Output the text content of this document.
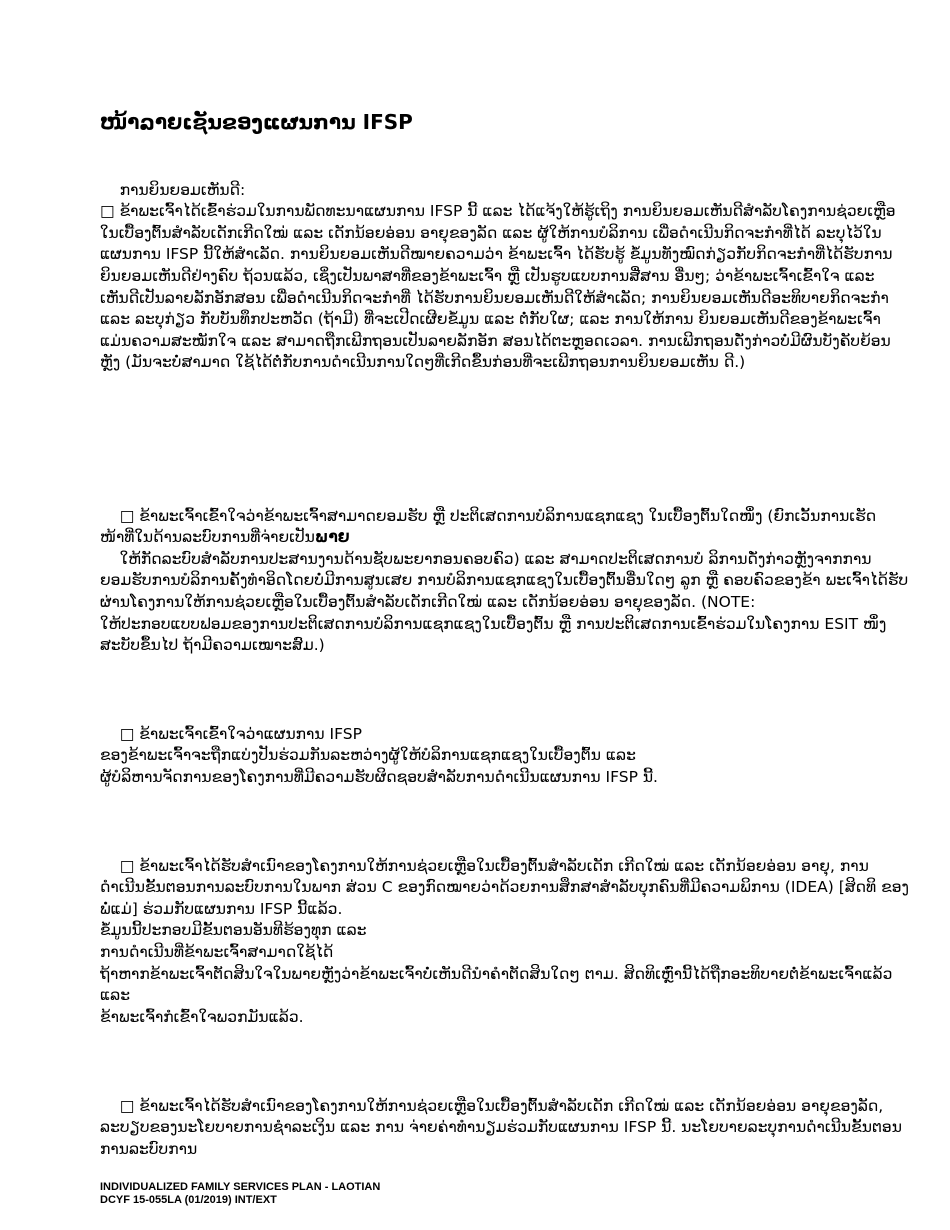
ໜ້າລາຍເຊັນຂອງແຜນການ IFSP

ການຍິນຍອມເຫັນດີ:
□ ຂ້າພະເຈົ້າໄດ້ເຂົ້າຮ່ວມໃນການພັດທະນາແຜນການ IFSP ນີ້ ແລະ ໄດ້ແຈ້ງໃຫ້ຮູ້ເຖິງ ການຍິນຍອມເຫັນດີສຳລັບໂຄງການຊ່ວຍເຫຼືອໃນເບື້ອງຕົ້ນສຳລັບເດັກເກີດໃໝ່ ແລະ ເດັກນ້ອຍອ່ອນ ອາຍຸຂອງລັດ ແລະ ຜູ້ໃຫ້ການບໍລິການ ເພື່ອດຳເນີນກິດຈະກຳທີ່ໄດ້ ລະບຸໄວ້ໃນແຜນການ IFSP ນີ້ໃຫ້ສຳເລັດ. ການຍິນຍອມເຫັນດີໝາຍຄວາມວ່າ ຂ້າພະເຈົ້າ ໄດ້ຮັບຮູ້ ຂໍ້ມູນທັງໝົດກ່ຽວກັບກິດຈະກຳທີ່ໄດ້ຮັບການຍິນຍອມເຫັນດີຢ່າງຄົບ ຖ້ວນແລ້ວ, ເຊິ່ງເປັນພາສາທີ່ຂອງຂ້າພະເຈົ້າ ຫຼື ເປັນຮູບແບບການສື່ສານ ອື່ນໆ; ວ່າຂ້າພະເຈົ້າເຂົ້າໃຈ ແລະ ເຫັນດີເປັນລາຍລັກອັກສອນ ເພື່ອດຳເນີນກິດຈະກຳທີ່ ໄດ້ຮັບການຍິນຍອມເຫັນດີໃຫ້ສຳເລັດ; ການຍິນຍອມເຫັນດີອະທິບາຍກິດຈະກຳ ແລະ ລະບຸກ່ຽວ ກັບບັນທຶກປະຫວັດ (ຖ້າມີ) ທີ່ຈະເປີດເຜີຍຂໍ້ມູນ ແລະ ຕໍ່ກັບໃຜ; ແລະ ການໃຫ້ການ ຍິນຍອມເຫັນດີຂອງຂ້າພະເຈົ້າແມ່ນຄວາມສະໝັກໃຈ ແລະ ສາມາດຖືກເພີກຖອນເປັນລາຍລັກອັກ ສອນໄດ້ຕະຫຼອດເວລາ. ການເພີກຖອນດັ່ງກ່າວບໍ່ມີຜົນບັງຄັບຍ້ອນຫຼັງ (ມັນຈະບໍ່ສາມາດ ໃຊ້ໄດ້ຕໍ່ກັບການດຳເນີນການໃດໆທີ່ເກີດຂຶ້ນກ່ອນທີ່ຈະເພີກຖອນການຍິນຍອມເຫັນ ດີ.)

□ ຂ້າພະເຈົ້າເຂົ້າໃຈວ່າຂ້າພະເຈົ້າສາມາດຍອມຮັບ ຫຼື ປະຕິເສດການບໍລິການແຊກແຊງ ໃນເບື້ອງຕົ້ນໃດໜຶ່ງ (ຍົກເວັ້ນການເຮັດໜ້າທີ່ໃນດ້ານລະບົບການທີ່ຈ່າຍເປັນພາຍ
ໃຫ້ກັດລະບົບສຳລັບການປະສານງານດ້ານຊັບພະຍາກອນຄອບຄົວ) ແລະ ສາມາດປະຕິເສດການບໍ ລິການດັ່ງກ່າວຫຼັງຈາກການຍອມຮັບການບໍລິການຄັ້ງທຳອິດໂດຍບໍ່ມີການສູນເສຍ ການບໍລິການແຊກແຊງໃນເບື້ອງຕົ້ນອື່ນໃດໆ ລູກ ຫຼື ຄອບຄົວຂອງຂ້າ ພະເຈົ້າໄດ້ຮັບຜ່ານໂຄງການໃຫ້ການຊ່ວຍເຫຼືອໃນເບື້ອງຕົ້ນສຳລັບເດັກເກີດໃໝ່ ແລະ ເດັກນ້ອຍອ່ອນ ອາຍຸຂອງລັດ. (NOTE:
ໃຫ້ປະກອບແບບຟອມຂອງການປະຕິເສດການບໍລິການແຊກແຊງໃນເບື້ອງຕົ້ນ ຫຼື ການປະຕິເສດການເຂົ້າຮ່ວມໃນໂຄງການ ESIT ໜຶ່ງສະບັບຂຶ້ນໄປ ຖ້າມີຄວາມເໝາະສົມ.)

□ ຂ້າພະເຈົ້າເຂົ້າໃຈວ່າແຜນການ IFSP
ຂອງຂ້າພະເຈົ້າຈະຖືກແບ່ງປັນຮ່ວມກັນລະຫວ່າງຜູ້ໃຫ້ບໍລິການແຊກແຊງໃນເບື້ອງຕົ້ນ ແລະ
ຜູ້ບໍລິຫານຈັດການຂອງໂຄງການທີ່ມີຄວາມຮັບຜິດຊອບສຳລັບການດຳເນີນແຜນການ IFSP ນີ້.

□ ຂ້າພະເຈົ້າໄດ້ຮັບສຳເນົາຂອງໂຄງການໃຫ້ການຊ່ວຍເຫຼືອໃນເບື້ອງຕົ້ນສຳລັບເດັກ ເກີດໃໝ່ ແລະ ເດັກນ້ອຍອ່ອນ ອາຍຸ, ການດຳເນີນຂັ້ນຕອນການລະບົບການໃນພາກ ສ່ວນ C ຂອງກົດໝາຍວ່າດ້ວຍການສຶກສາສຳລັບບຸກຄົນທີ່ມີຄວາມພິການ (IDEA) [ສິດທິ ຂອງພໍ່ແມ່] ຮ່ວມກັບແຜນການ IFSP ນີ້ແລ້ວ.
ຂໍ້ມູນນີ້ປະກອບມີຂັ້ນຕອນອັນທີຮ້ອງທຸກ ແລະ
ການດຳເນີນທີ່ຂ້າພະເຈົ້າສາມາດໃຊ້ໄດ້
ຖ້າຫາກຂ້າພະເຈົ້າຕັດສິນໃຈໃນພາຍຫຼັງວ່າຂ້າພະເຈົ້າບໍ່ເຫັນດີນຳຄຳຕັດສິນໃດໆ ຕາມ. ສິດທິເຫຼົ່ານີ້ໄດ້ຖືກອະທິບາຍຕໍ່ຂ້າພະເຈົ້າແລ້ວ ແລະ
ຂ້າພະເຈົ້າກໍເຂົ້າໃຈພວກມັນແລ້ວ.

□ ຂ້າພະເຈົ້າໄດ້ຮັບສຳເນົາຂອງໂຄງການໃຫ້ການຊ່ວຍເຫຼືອໃນເບື້ອງຕົ້ນສຳລັບເດັກ ເກີດໃໝ່ ແລະ ເດັກນ້ອຍອ່ອນ ອາຍຸຂອງລັດ, ລະບຽບຂອງນະໂຍບາຍການຊຳລະເງິນ ແລະ ການ ຈ່າຍຄ່າທຳນຽມຮ່ວມກັບແຜນການ IFSP ນີ້. ນະໂຍບາຍລະບຸການດຳເນີນຂັ້ນຕອນການລະບົບການ

INDIVIDUALIZED FAMILY SERVICES PLAN - LAOTIAN
DCYF 15-055LA (01/2019) INT/EXT
